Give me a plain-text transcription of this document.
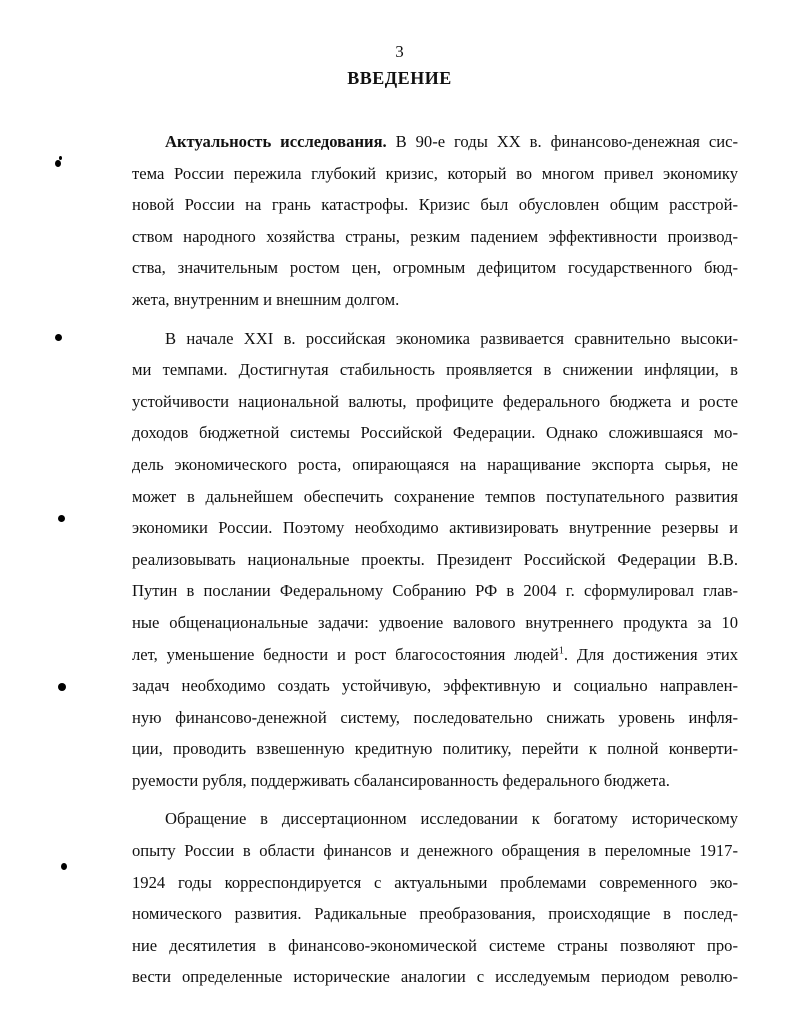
3
ВВЕДЕНИЕ
Актуальность исследования. В 90-е годы XX в. финансово-денежная сис-
тема России пережила глубокий кризис, который во многом привел экономику
новой России на грань катастрофы. Кризис был обусловлен общим расстрой-
ством народного хозяйства страны, резким падением эффективности производ-
ства, значительным ростом цен, огромным дефицитом государственного бюд-
жета, внутренним и внешним долгом.
В начале XXI в. российская экономика развивается сравнительно высоки-
ми темпами. Достигнутая стабильность проявляется в снижении инфляции, в
устойчивости национальной валюты, профиците федерального бюджета и росте
доходов бюджетной системы Российской Федерации. Однако сложившаяся мо-
дель экономического роста, опирающаяся на наращивание экспорта сырья, не
может в дальнейшем обеспечить сохранение темпов поступательного развития
экономики России. Поэтому необходимо активизировать внутренние резервы и
реализовывать национальные проекты. Президент Российской Федерации В.В.
Путин в послании Федеральному Собранию РФ в 2004 г. сформулировал глав-
ные общенациональные задачи: удвоение валового внутреннего продукта за 10
лет, уменьшение бедности и рост благосостояния людей$^1$. Для достижения этих
задач необходимо создать устойчивую, эффективную и социально направлен-
ную финансово-денежной систему, последовательно снижать уровень инфля-
ции, проводить взвешенную кредитную политику, перейти к полной конверти-
руемости рубля, поддерживать сбалансированность федерального бюджета.
Обращение в диссертационном исследовании к богатому историческому
опыту России в области финансов и денежного обращения в переломные 1917-
1924 годы корреспондируется с актуальными проблемами современного эко-
номического развития. Радикальные преобразования, происходящие в послед-
ние десятилетия в финансово-экономической системе страны позволяют про-
вести определенные исторические аналогии с исследуемым периодом револю-
